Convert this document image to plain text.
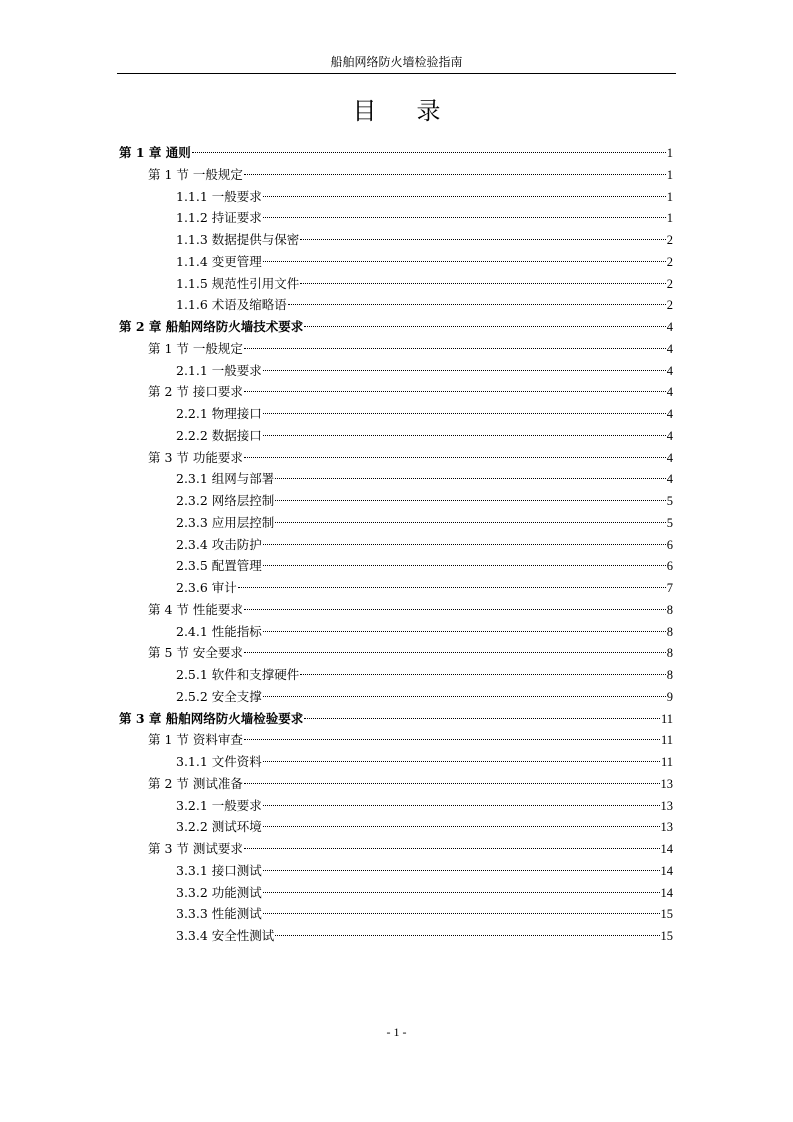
船舶网络防火墙检验指南
目录
第 1 章 通则	1
第 1 节 一般规定	1
1.1.1 一般要求	1
1.1.2 持证要求	1
1.1.3 数据提供与保密	2
1.1.4 变更管理	2
1.1.5 规范性引用文件	2
1.1.6 术语及缩略语	2
第 2 章 船舶网络防火墙技术要求	4
第 1 节 一般规定	4
2.1.1 一般要求	4
第 2 节 接口要求	4
2.2.1 物理接口	4
2.2.2 数据接口	4
第 3 节 功能要求	4
2.3.1 组网与部署	4
2.3.2 网络层控制	5
2.3.3 应用层控制	5
2.3.4 攻击防护	6
2.3.5 配置管理	6
2.3.6 审计	7
第 4 节 性能要求	8
2.4.1 性能指标	8
第 5 节 安全要求	8
2.5.1 软件和支撑硬件	8
2.5.2 安全支撑	9
第 3 章 船舶网络防火墙检验要求	11
第 1 节 资料审查	11
3.1.1 文件资料	11
第 2 节 测试准备	13
3.2.1 一般要求	13
3.2.2 测试环境	13
第 3 节 测试要求	14
3.3.1 接口测试	14
3.3.2 功能测试	14
3.3.3 性能测试	15
3.3.4 安全性测试	15
- 1 -
